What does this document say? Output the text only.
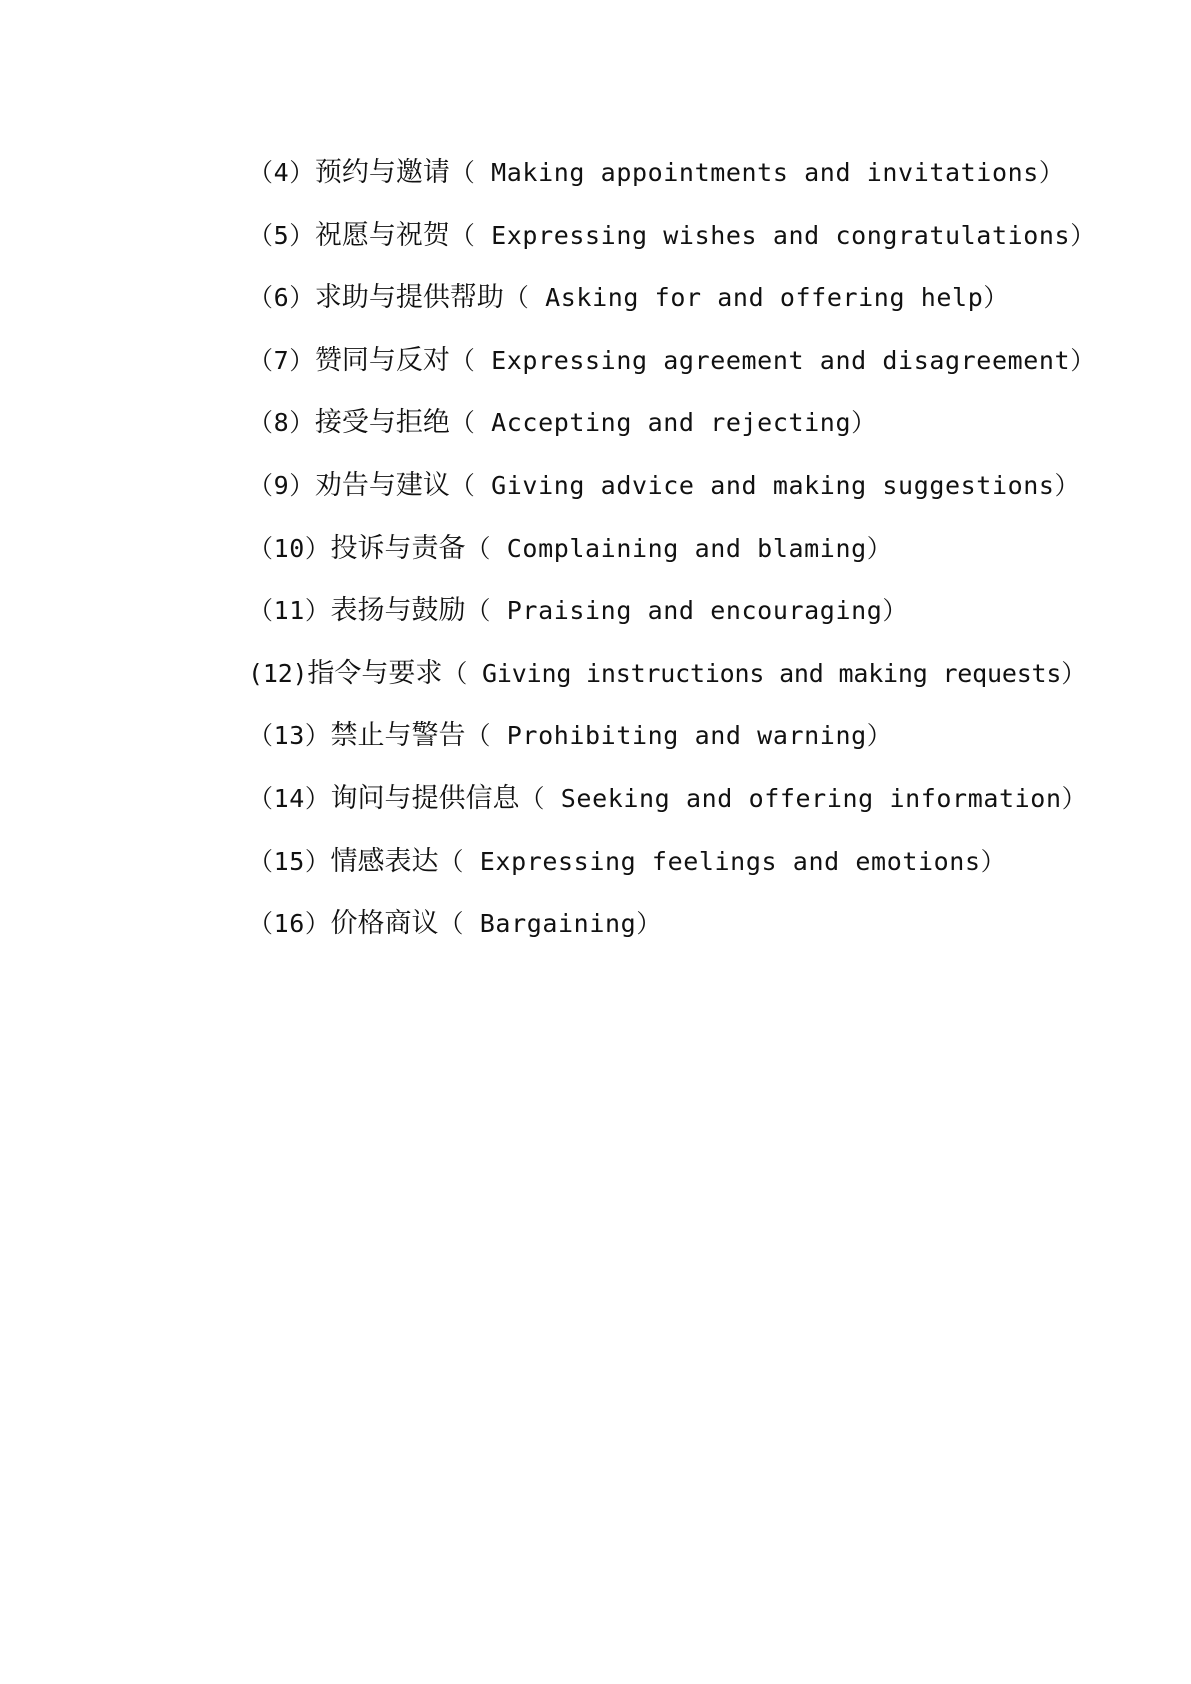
（4）预约与邀请（ Making appointments and invitations）
（5）祝愿与祝贺（ Expressing wishes and congratulations）
（6）求助与提供帮助（ Asking for and offering help）
（7）赞同与反对（ Expressing agreement and disagreement）
（8）接受与拒绝（ Accepting and rejecting）
（9）劝告与建议（ Giving advice and making suggestions）
（10）投诉与责备（ Complaining and blaming）
（11）表扬与鼓励（ Praising and encouraging）
(12)指令与要求（ Giving instructions and making requests）
（13）禁止与警告（ Prohibiting and warning）
（14）询问与提供信息（ Seeking and offering information）
（15）情感表达（ Expressing feelings and emotions）
（16）价格商议（ Bargaining）
